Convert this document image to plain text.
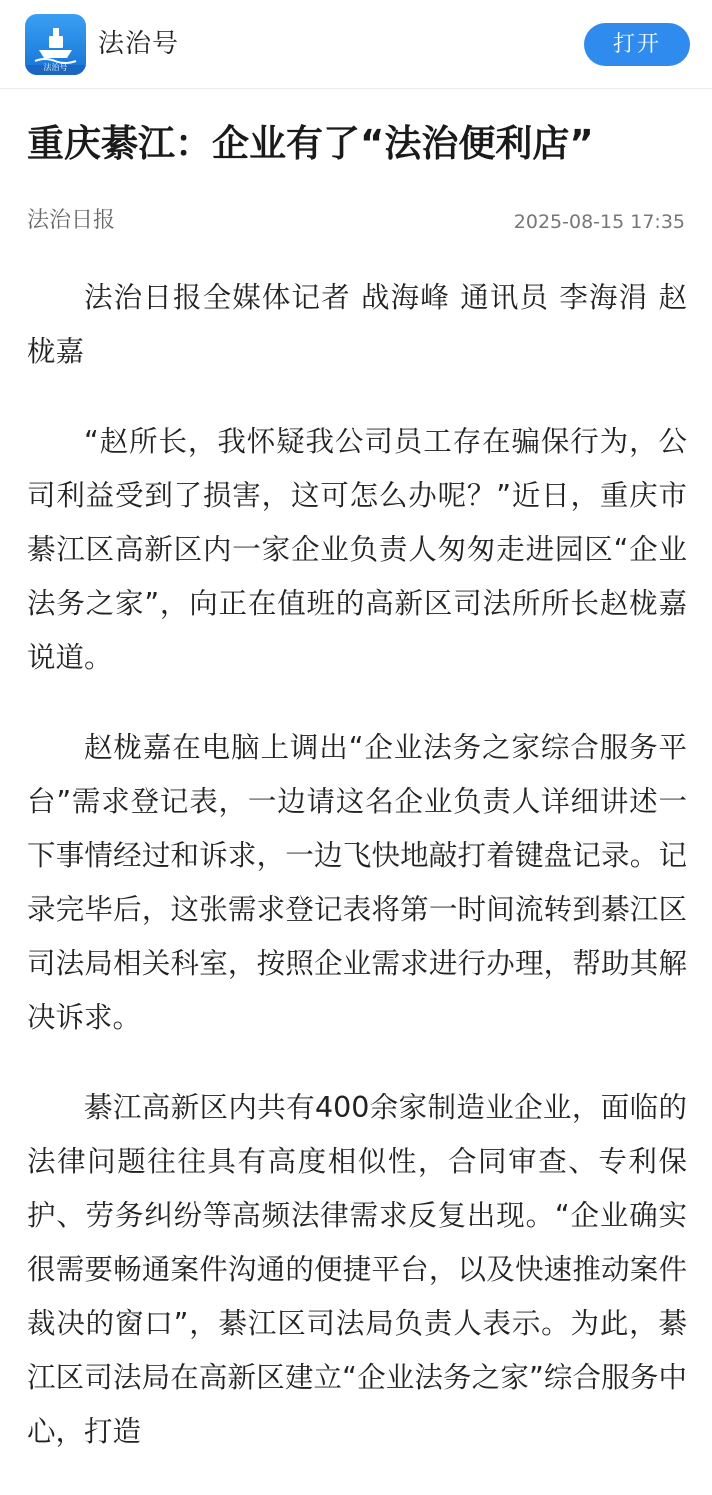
法治号
法治号	打开
重庆綦江：企业有了“法治便利店”
法治日报	2025-08-15 17:35

法治日报全媒体记者 战海峰 通讯员 李海涓 赵栊嘉

“赵所长，我怀疑我公司员工存在骗保行为，公司利益受到了损害，这可怎么办呢？”近日，重庆市綦江区高新区内一家企业负责人匆匆走进园区“企业法务之家”，向正在值班的高新区司法所所长赵栊嘉说道。

赵栊嘉在电脑上调出“企业法务之家综合服务平台”需求登记表，一边请这名企业负责人详细讲述一下事情经过和诉求，一边飞快地敲打着键盘记录。记录完毕后，这张需求登记表将第一时间流转到綦江区司法局相关科室，按照企业需求进行办理，帮助其解决诉求。

綦江高新区内共有400余家制造业企业，面临的法律问题往往具有高度相似性，合同审查、专利保护、劳务纠纷等高频法律需求反复出现。“企业确实很需要畅通案件沟通的便捷平台，以及快速推动案件裁决的窗口”，綦江区司法局负责人表示。为此，綦江区司法局在高新区建立“企业法务之家”综合服务中心，打造
